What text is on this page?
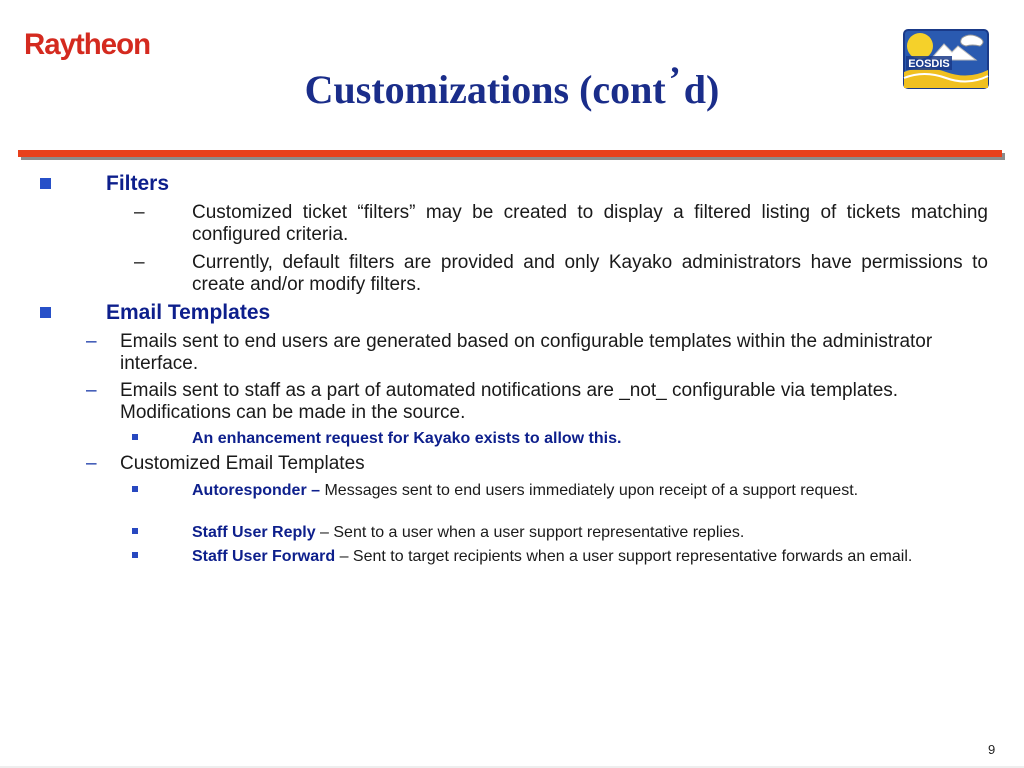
Raytheon
Customizations (cont’d)
EOSDIS
Filters
– Customized ticket “filters” may be created to display a filtered listing of tickets matching configured criteria.
– Currently, default filters are provided and only Kayako administrators have permissions to create and/or modify filters.
Email Templates
– Emails sent to end users are generated based on configurable templates within the administrator interface.
– Emails sent to staff as a part of automated notifications are _not_ configurable via templates. Modifications can be made in the source.
An enhancement request for Kayako exists to allow this.
– Customized Email Templates
Autoresponder – Messages sent to end users immediately upon receipt of a support request.
Staff User Reply – Sent to a user when a user support representative replies.
Staff User Forward – Sent to target recipients when a user support representative forwards an email.
9
